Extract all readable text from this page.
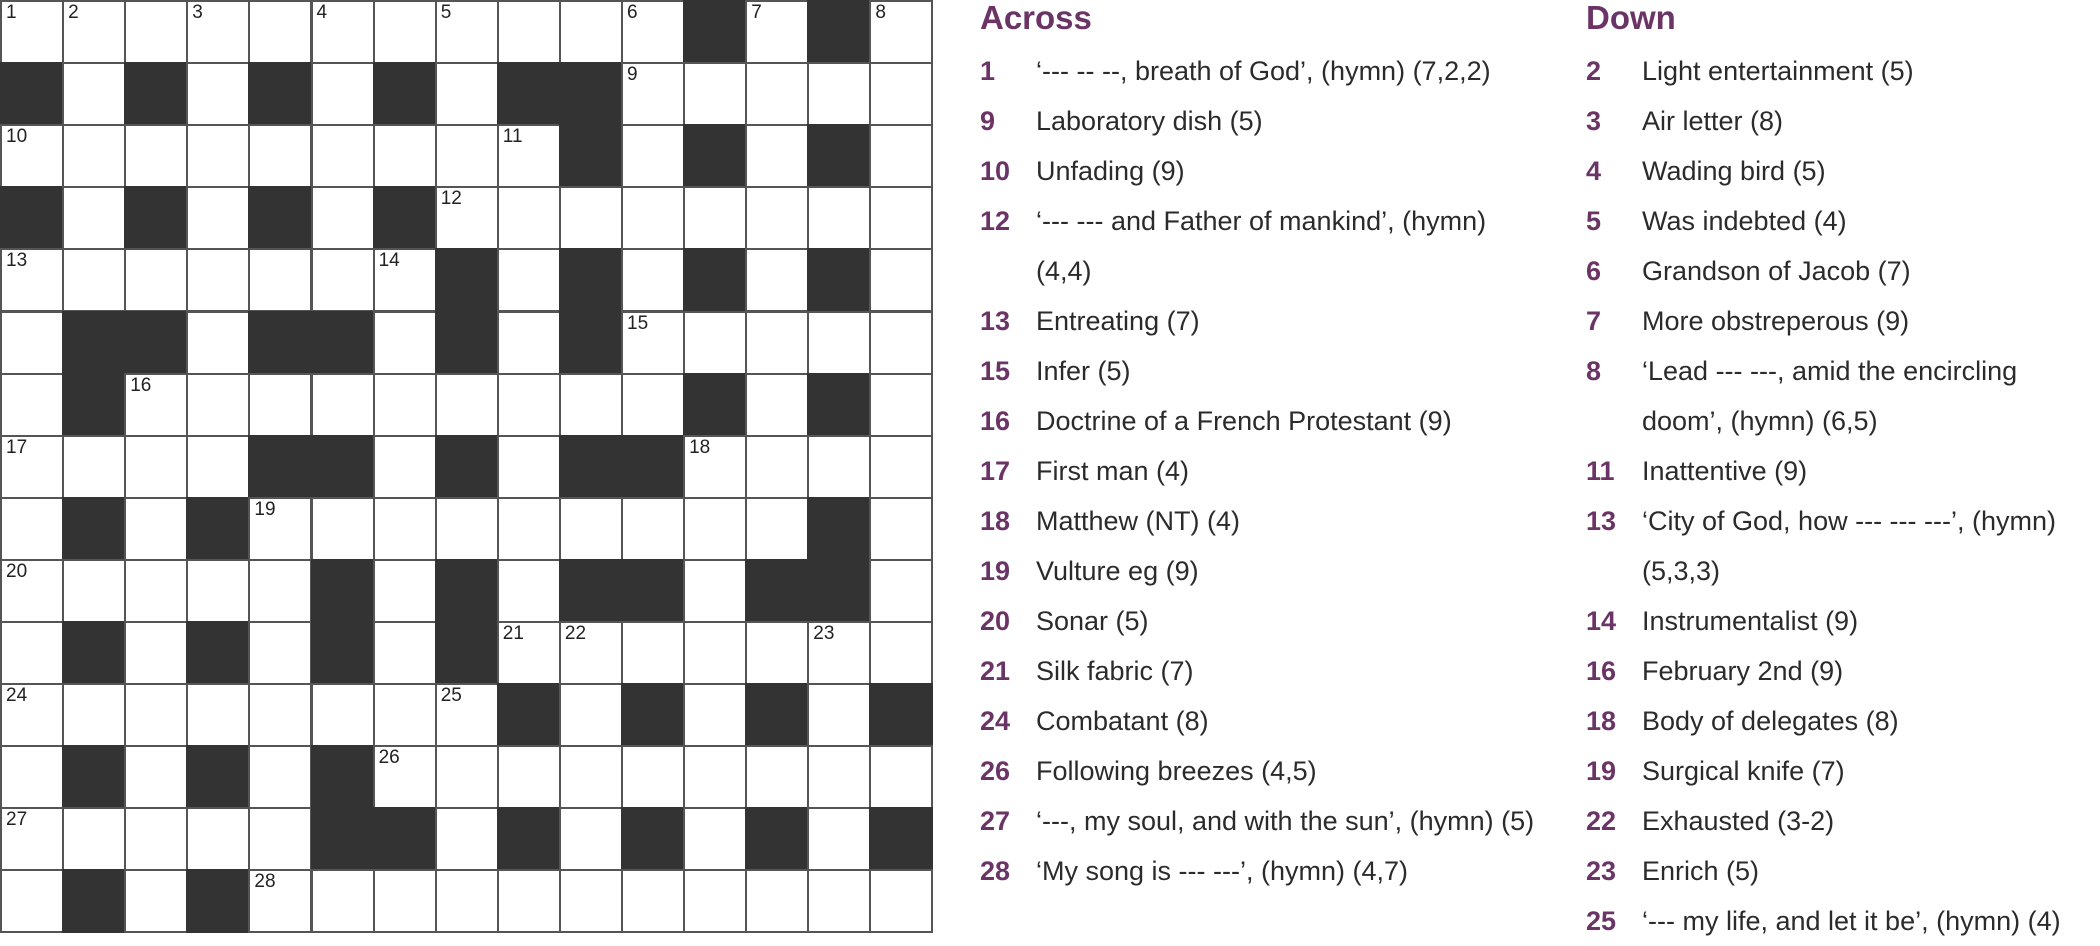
1	2	3	4	5	6	7	8
9
10	11
12
13	14
15
16
17	18
19
20
21 22	23
24	25
26
27
28
Across
1 ‘--- -- --, breath of God’, (hymn) (7,2,2)
9 Laboratory dish (5)
10 Unfading (9)
12 ‘--- --- and Father of mankind’, (hymn) (4,4)
13 Entreating (7)
15 Infer (5)
16 Doctrine of a French Protestant (9)
17 First man (4)
18 Matthew (NT) (4)
19 Vulture eg (9)
20 Sonar (5)
21 Silk fabric (7)
24 Combatant (8)
26 Following breezes (4,5)
27 ‘---, my soul, and with the sun’, (hymn) (5)
28 ‘My song is --- ---’, (hymn) (4,7)
Down
2 Light entertainment (5)
3 Air letter (8)
4 Wading bird (5)
5 Was indebted (4)
6 Grandson of Jacob (7)
7 More obstreperous (9)
8 ‘Lead --- ---, amid the encircling doom’, (hymn) (6,5)
11 Inattentive (9)
13 ‘City of God, how --- --- ---’, (hymn) (5,3,3)
14 Instrumentalist (9)
16 February 2nd (9)
18 Body of delegates (8)
19 Surgical knife (7)
22 Exhausted (3-2)
23 Enrich (5)
25 ‘--- my life, and let it be’, (hymn) (4)
